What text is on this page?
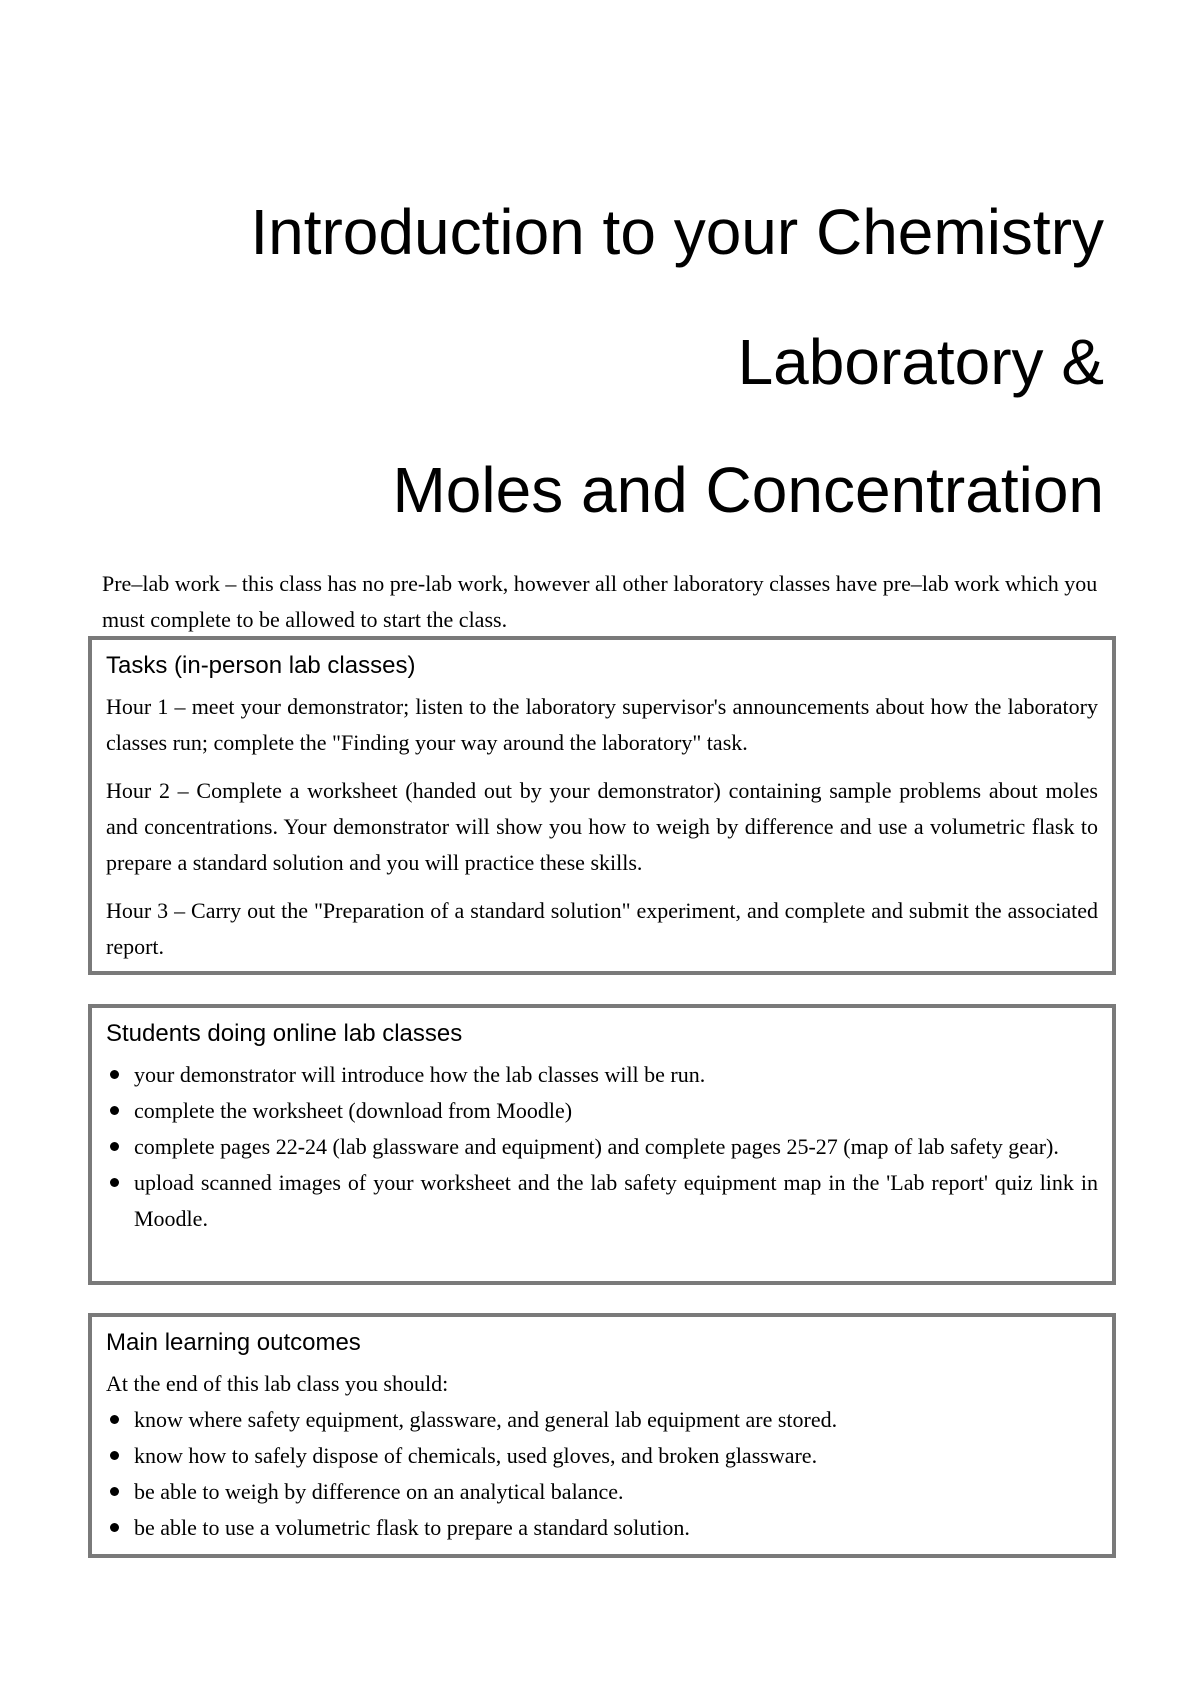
Introduction to your Chemistry
Laboratory &
Moles and Concentration

Pre–lab work – this class has no pre-lab work, however all other laboratory classes have pre–lab work which you must complete to be allowed to start the class.

Tasks (in-person lab classes)

Hour 1 – meet your demonstrator; listen to the laboratory supervisor's announcements about how the laboratory classes run; complete the "Finding your way around the laboratory" task.

Hour 2 – Complete a worksheet (handed out by your demonstrator) containing sample problems about moles and concentrations. Your demonstrator will show you how to weigh by difference and use a volumetric flask to prepare a standard solution and you will practice these skills.

Hour 3 – Carry out the "Preparation of a standard solution" experiment, and complete and submit the associated report.

Students doing online lab classes
your demonstrator will introduce how the lab classes will be run.
complete the worksheet (download from Moodle)
complete pages 22-24 (lab glassware and equipment) and complete pages 25-27 (map of lab safety gear).
upload scanned images of your worksheet and the lab safety equipment map in the 'Lab report' quiz link in Moodle.
Main learning outcomes

At the end of this lab class you should:

know where safety equipment, glassware, and general lab equipment are stored.
know how to safely dispose of chemicals, used gloves, and broken glassware.
be able to weigh by difference on an analytical balance.
be able to use a volumetric flask to prepare a standard solution.
